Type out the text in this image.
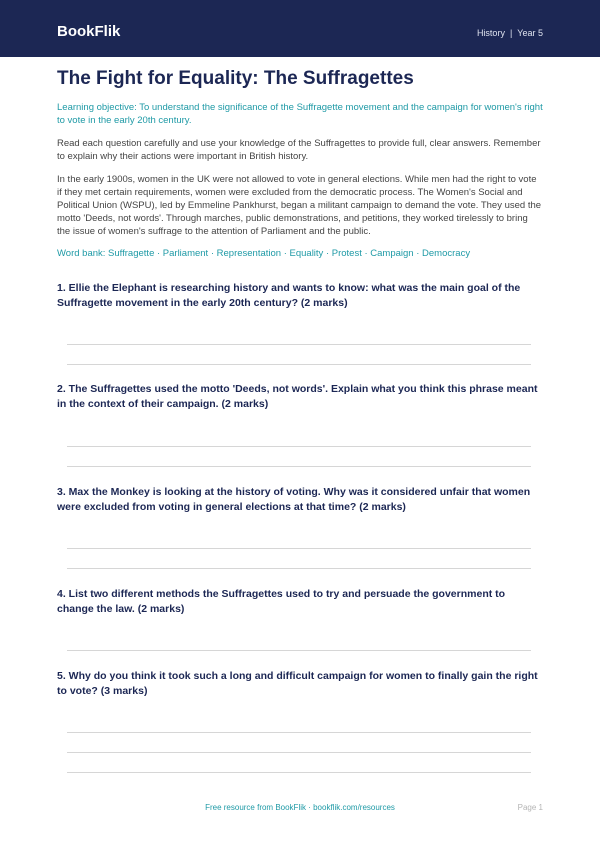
BookFlik	History | Year 5
The Fight for Equality: The Suffragettes

Learning objective: To understand the significance of the Suffragette movement and the campaign for women's right to vote in the early 20th century.

Read each question carefully and use your knowledge of the Suffragettes to provide full, clear answers. Remember to explain why their actions were important in British history.

In the early 1900s, women in the UK were not allowed to vote in general elections. While men had the right to vote if they met certain requirements, women were excluded from the democratic process. The Women's Social and Political Union (WSPU), led by Emmeline Pankhurst, began a militant campaign to demand the vote. They used the motto 'Deeds, not words'. Through marches, public demonstrations, and petitions, they worked tirelessly to bring the issue of women's suffrage to the attention of Parliament and the public.

Word bank: Suffragette · Parliament · Representation · Equality · Protest · Campaign · Democracy

1. Ellie the Elephant is researching history and wants to know: what was the main goal of the Suffragette movement in the early 20th century? (2 marks)
2. The Suffragettes used the motto 'Deeds, not words'. Explain what you think this phrase meant in the context of their campaign. (2 marks)
3. Max the Monkey is looking at the history of voting. Why was it considered unfair that women were excluded from voting in general elections at that time? (2 marks)
4. List two different methods the Suffragettes used to try and persuade the government to change the law. (2 marks)
5. Why do you think it took such a long and difficult campaign for women to finally gain the right to vote? (3 marks)
Free resource from BookFlik · bookflik.com/resources	Page 1
